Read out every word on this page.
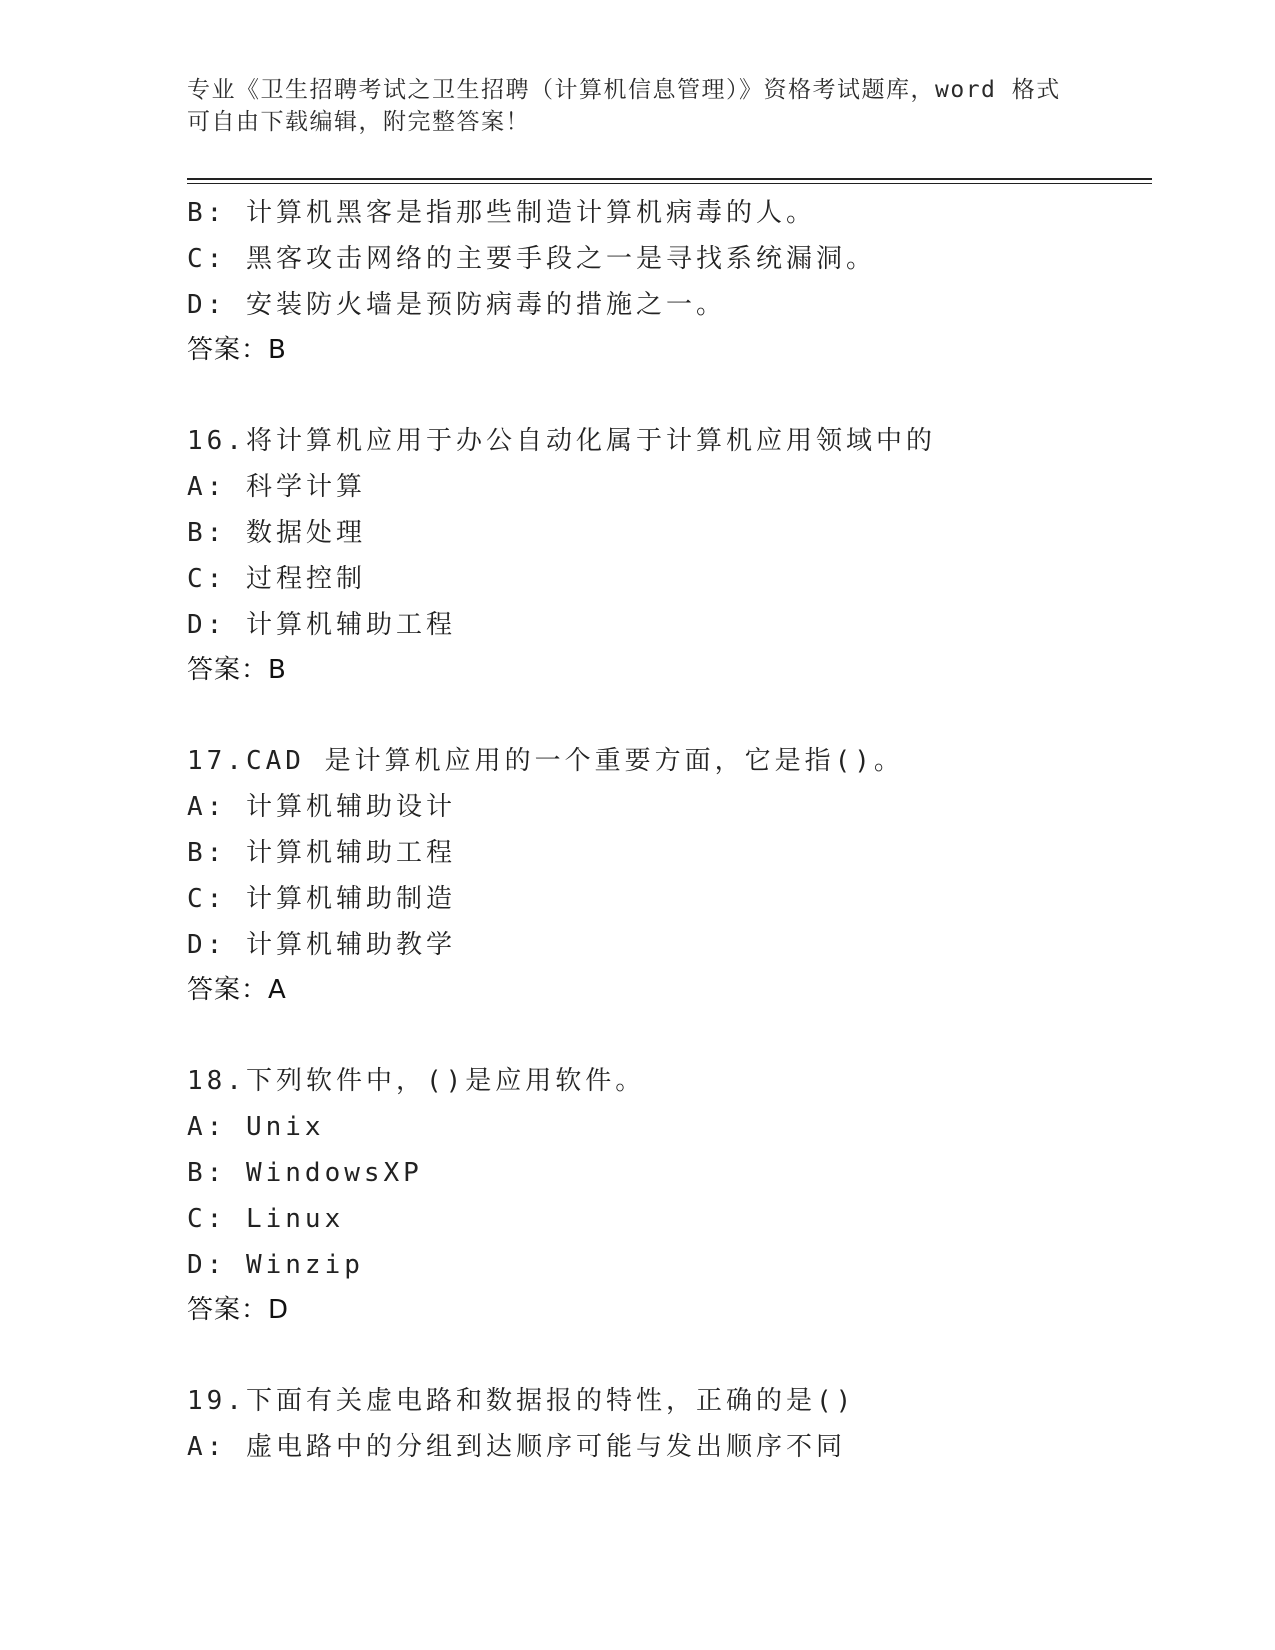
专业《卫生招聘考试之卫生招聘（计算机信息管理）》资格考试题库，word 格式
可自由下载编辑，附完整答案！
B: 计算机黑客是指那些制造计算机病毒的人。
C: 黑客攻击网络的主要手段之一是寻找系统漏洞。
D: 安装防火墙是预防病毒的措施之一。
答案：B
16.将计算机应用于办公自动化属于计算机应用领域中的
A: 科学计算
B: 数据处理
C: 过程控制
D: 计算机辅助工程
答案：B
17.CAD 是计算机应用的一个重要方面，它是指()。
A: 计算机辅助设计
B: 计算机辅助工程
C: 计算机辅助制造
D: 计算机辅助教学
答案：A
18.下列软件中，()是应用软件。
A: Unix
B: WindowsXP
C: Linux
D: Winzip
答案：D
19.下面有关虚电路和数据报的特性，正确的是()
A: 虚电路中的分组到达顺序可能与发出顺序不同
